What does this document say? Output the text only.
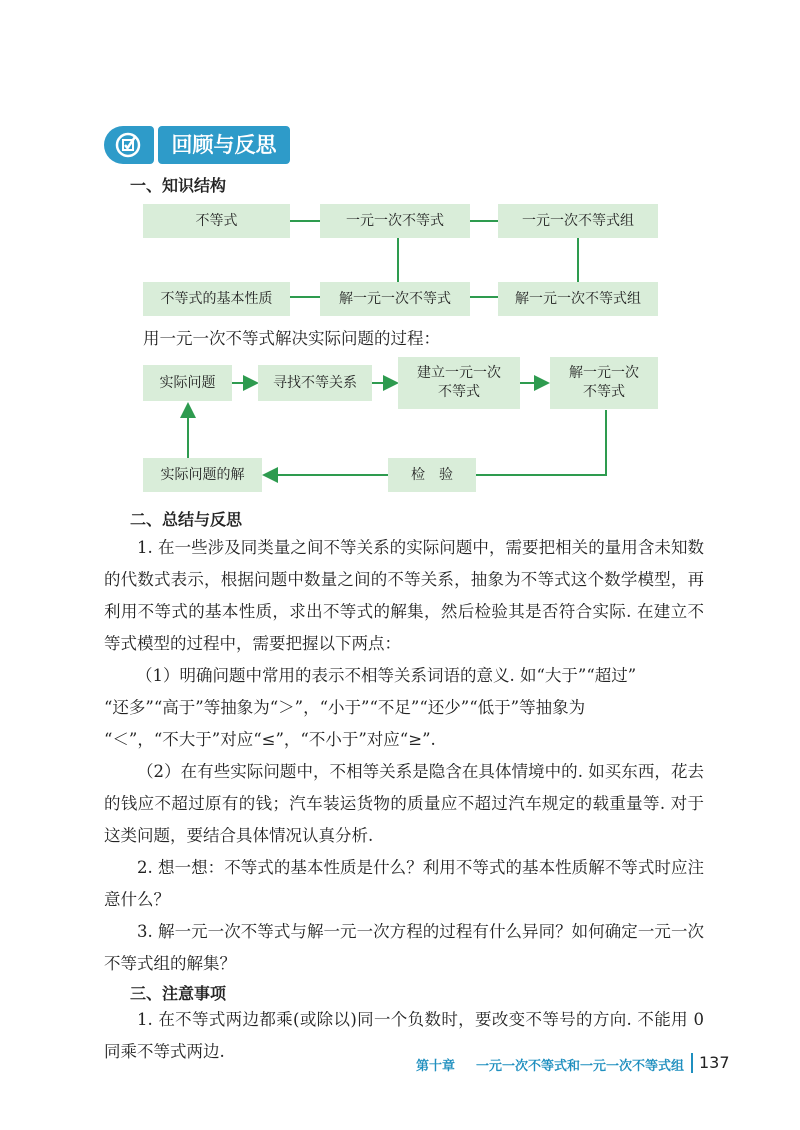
回顾与反思
一、知识结构
不等式	一元一次不等式	一元一次不等式组
不等式的基本性质	解一元一次不等式	解一元一次不等式组
用一元一次不等式解决实际问题的过程：
实际问题	寻找不等关系
建立一元一次
不等式
解一元一次
不等式
检　验
实际问题的解
二、总结与反思
1. 在一些涉及同类量之间不等关系的实际问题中，需要把相关的量用含未知数的代数式表示，根据问题中数量之间的不等关系，抽象为不等式这个数学模型，再利用不等式的基本性质，求出不等式的解集，然后检验其是否符合实际. 在建立不等式模型的过程中，需要把握以下两点：
（1）明确问题中常用的表示不相等关系词语的意义. 如“大于”“超过”
“还多”“高于”等抽象为“＞”，“小于”“不足”“还少”“低于”等抽象为
“＜”，“不大于”对应“≤”，“不小于”对应“≥”.
（2）在有些实际问题中，不相等关系是隐含在具体情境中的. 如买东西，花去的钱应不超过原有的钱；汽车装运货物的质量应不超过汽车规定的载重量等. 对于这类问题，要结合具体情况认真分析.
2. 想一想：不等式的基本性质是什么？利用不等式的基本性质解不等式时应注意什么？
3. 解一元一次不等式与解一元一次方程的过程有什么异同？如何确定一元一次不等式组的解集？
三、注意事项
1. 在不等式两边都乘(或除以)同一个负数时，要改变不等号的方向. 不能用 0 同乘不等式两边.
第十章 一元一次不等式和一元一次不等式组 137
